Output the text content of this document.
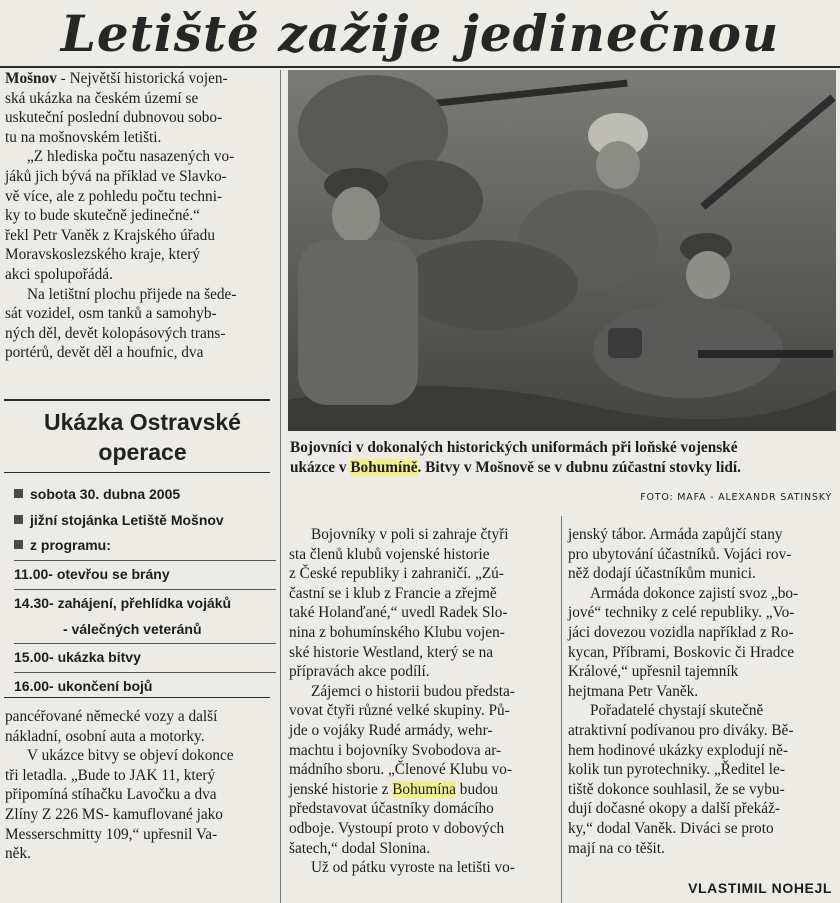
Letiště zažije jedinečnou

Mošnov - Největší historická vojen-
ská ukázka na českém území se
uskuteční poslední dubnovou sobo-
tu na mošnovském letišti.

„Z hlediska počtu nasazených vo-
jáků jich bývá na příklad ve Slavko-
vě více, ale z pohledu počtu techni-
ky to bude skutečně jedinečné.“
řekl Petr Vaněk z Krajského úřadu
Moravskoslezského kraje, který
akci spolupořádá.

Na letištní plochu přijede na šede-
sát vozidel, osm tanků a samohyb-
ných děl, devět kolopásových trans-
portérů, devět děl a houfnic, dva

Bojovníci v dokonalých historických uniformách při loňské vojenské
ukázce v Bohumíně. Bitvy v Mošnově se v dubnu zúčastní stovky lidí.
FOTO: MAFA - ALEXANDR SATINSKÝ
Ukázka Ostravské
operace
sobota 30. dubna 2005
jižní stojánka Letiště Mošnov
z programu:
11.00 - otevřou se brány
14.30 - zahájení, přehlídka vojáků
- válečných veteránů
15.00 - ukázka bitvy
16.00 - ukončení bojů

pancéřované německé vozy a další
nákladní, osobní auta a motorky.

V ukázce bitvy se objeví dokonce
tři letadla. „Bude to JAK 11, který
připomíná stíhačku Lavočku a dva
Zlíny Z 226 MS- kamuflované jako
Messerschmitty 109,“ upřesnil Va-
něk.

Bojovníky v poli si zahraje čtyři
sta členů klubů vojenské historie
z České republiky i zahraničí. „Zú-
častní se i klub z Francie a zřejmě
také Holanďané,“ uvedl Radek Slo-
nina z bohumínského Klubu vojen-
ské historie Westland, který se na
přípravách akce podílí.

Zájemci o historii budou předsta-
vovat čtyři různé velké skupiny. Pů-
jde o vojáky Rudé armády, wehr-
machtu i bojovníky Svobodova ar-
mádního sboru. „Členové Klubu vo-
jenské historie z Bohumína budou
představovat účastníky domácího
odboje. Vystoupí proto v dobových
šatech,“ dodal Slonina.

Už od pátku vyroste na letišti vo-

jenský tábor. Armáda zapůjčí stany
pro ubytování účastníků. Vojáci rov-
něž dodají účastníkům munici.

Armáda dokonce zajistí svoz „bo-
jové“ techniky z celé republiky. „Vo-
jáci dovezou vozidla například z Ro-
kycan, Příbrami, Boskovic či Hradce
Králové,“ upřesnil tajemník
hejtmana Petr Vaněk.

Pořadatelé chystají skutečně
atraktivní podívanou pro diváky. Bě-
hem hodinové ukázky explodují ně-
kolik tun pyrotechniky. „Ředitel le-
tiště dokonce souhlasil, že se vybu-
dují dočasné okopy a další překáž-
ky,“ dodal Vaněk. Diváci se proto
mají na co těšit.

VLASTIMIL NOHEJL
